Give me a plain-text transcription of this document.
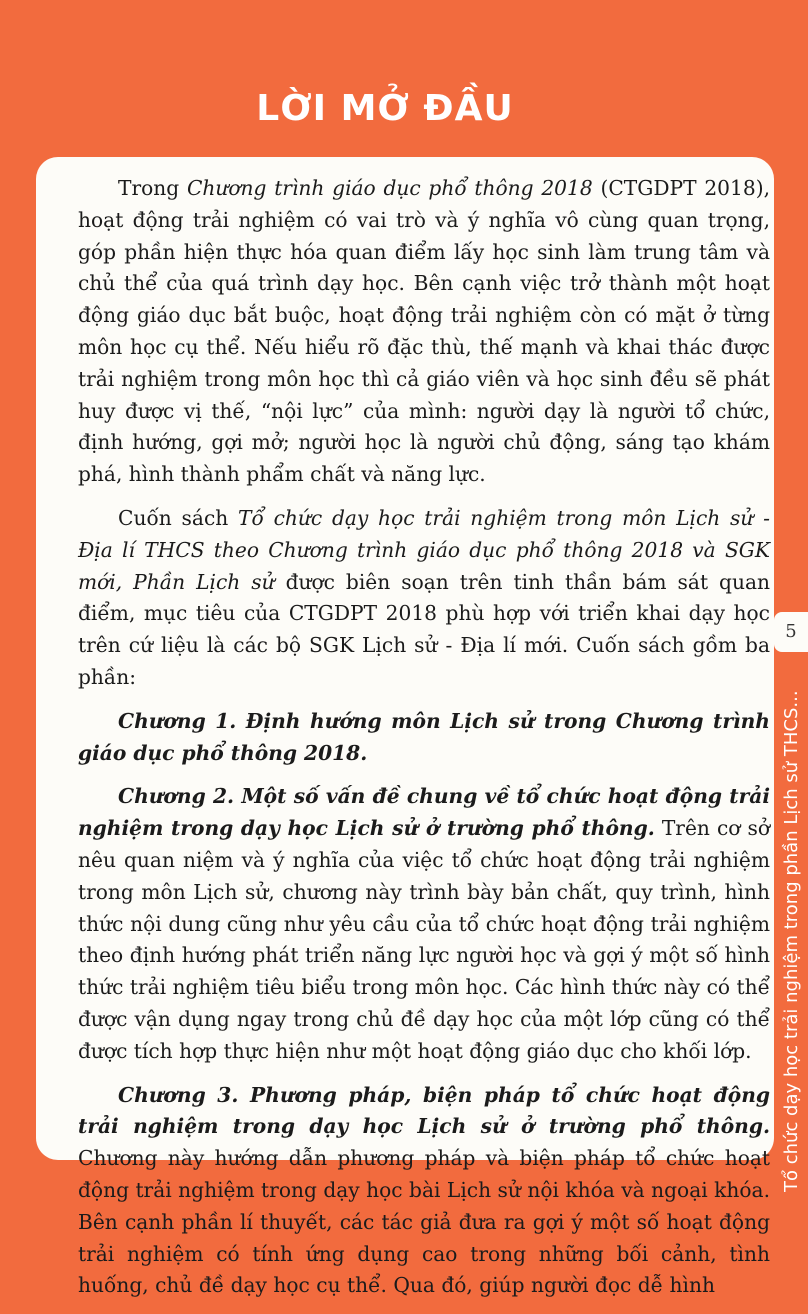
LỜI MỞ ĐẦU

Trong Chương trình giáo dục phổ thông 2018 (CTGDPT 2018), hoạt động trải nghiệm có vai trò và ý nghĩa vô cùng quan trọng, góp phần hiện thực hóa quan điểm lấy học sinh làm trung tâm và chủ thể của quá trình dạy học. Bên cạnh việc trở thành một hoạt động giáo dục bắt buộc, hoạt động trải nghiệm còn có mặt ở từng môn học cụ thể. Nếu hiểu rõ đặc thù, thế mạnh và khai thác được trải nghiệm trong môn học thì cả giáo viên và học sinh đều sẽ phát huy được vị thế, “nội lực” của mình: người dạy là người tổ chức, định hướng, gợi mở; người học là người chủ động, sáng tạo khám phá, hình thành phẩm chất và năng lực.

Cuốn sách Tổ chức dạy học trải nghiệm trong môn Lịch sử - Địa lí THCS theo Chương trình giáo dục phổ thông 2018 và SGK mới, Phần Lịch sử được biên soạn trên tinh thần bám sát quan điểm, mục tiêu của CTGDPT 2018 phù hợp với triển khai dạy học trên cứ liệu là các bộ SGK Lịch sử - Địa lí mới. Cuốn sách gồm ba phần:

Chương 1. Định hướng môn Lịch sử trong Chương trình giáo dục phổ thông 2018.

Chương 2. Một số vấn đề chung về tổ chức hoạt động trải nghiệm trong dạy học Lịch sử ở trường phổ thông. Trên cơ sở nêu quan niệm và ý nghĩa của việc tổ chức hoạt động trải nghiệm trong môn Lịch sử, chương này trình bày bản chất, quy trình, hình thức nội dung cũng như yêu cầu của tổ chức hoạt động trải nghiệm theo định hướng phát triển năng lực người học và gợi ý một số hình thức trải nghiệm tiêu biểu trong môn học. Các hình thức này có thể được vận dụng ngay trong chủ đề dạy học của một lớp cũng có thể được tích hợp thực hiện như một hoạt động giáo dục cho khối lớp.

Chương 3. Phương pháp, biện pháp tổ chức hoạt động trải nghiệm trong dạy học Lịch sử ở trường phổ thông. Chương này hướng dẫn phương pháp và biện pháp tổ chức hoạt động trải nghiệm trong dạy học bài Lịch sử nội khóa và ngoại khóa. Bên cạnh phần lí thuyết, các tác giả đưa ra gợi ý một số hoạt động trải nghiệm có tính ứng dụng cao trong những bối cảnh, tình huống, chủ đề dạy học cụ thể. Qua đó, giúp người đọc dễ hình

5
Tổ chức dạy học trải nghiệm trong phần Lịch sử THCS...
